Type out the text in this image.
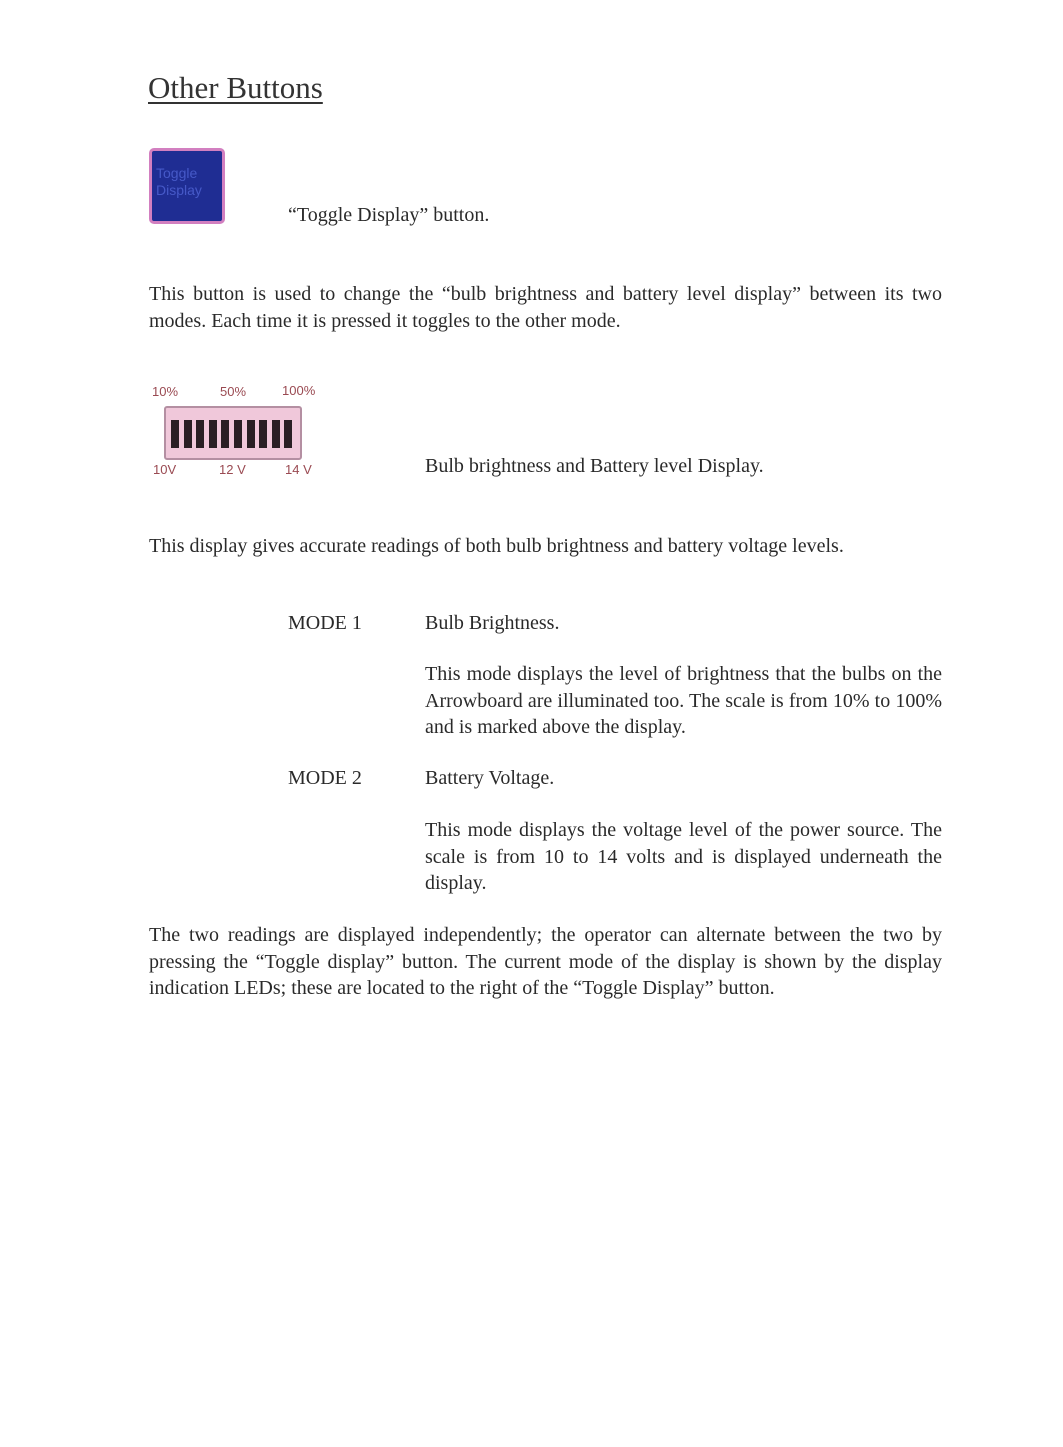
Other Buttons
Toggle
Display
“Toggle Display” button.

This button is used to change the “bulb brightness and battery level display” between its two modes. Each time it is pressed it toggles to the other mode.

10%	50%	100%
10V	12 V	14 V	Bulb brightness and Battery level Display.

This display gives accurate readings of both bulb brightness and battery voltage levels.

MODE 1	Bulb Brightness.

This mode displays the level of brightness that the bulbs on the Arrowboard are illuminated too. The scale is from 10% to 100% and is marked above the display.

MODE 2	Battery Voltage.

This mode displays the voltage level of the power source. The scale is from 10 to 14 volts and is displayed underneath the display.

The two readings are displayed independently; the operator can alternate between the two by pressing the “Toggle display” button. The current mode of the display is shown by the display indication LEDs; these are located to the right of the “Toggle Display” button.
